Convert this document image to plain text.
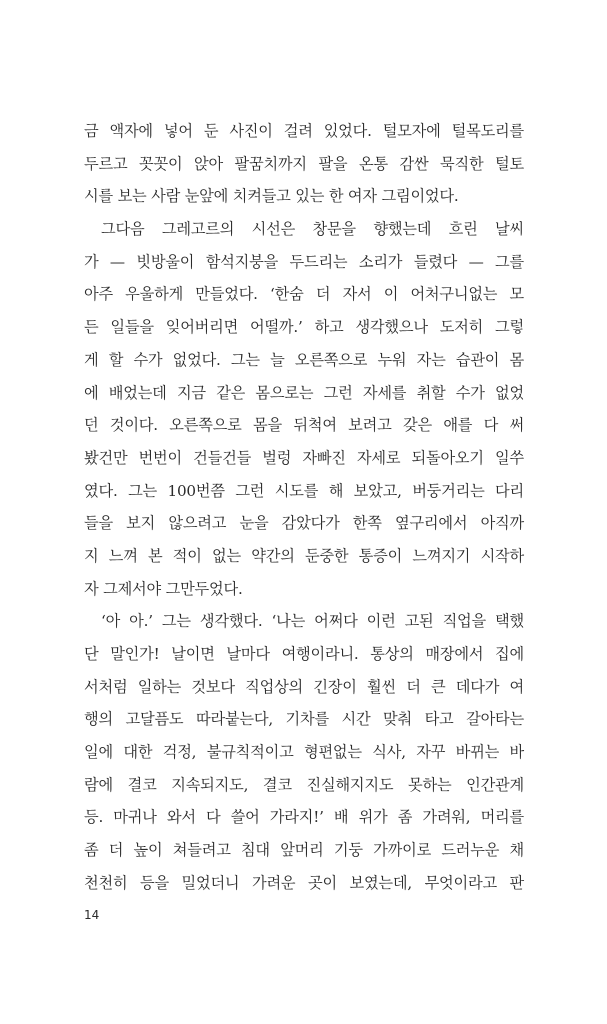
금 액자에 넣어 둔 사진이 걸려 있었다. 털모자에 털목도리를
두르고 꼿꼿이 앉아 팔꿈치까지 팔을 온통 감싼 묵직한 털토
시를 보는 사람 눈앞에 치켜들고 있는 한 여자 그림이었다.
그다음 그레고르의 시선은 창문을 향했는데 흐린 날씨
가 — 빗방울이 함석지붕을 두드리는 소리가 들렸다 — 그를
아주 우울하게 만들었다. ‘한숨 더 자서 이 어처구니없는 모
든 일들을 잊어버리면 어떨까.’ 하고 생각했으나 도저히 그렇
게 할 수가 없었다. 그는 늘 오른쪽으로 누워 자는 습관이 몸
에 배었는데 지금 같은 몸으로는 그런 자세를 취할 수가 없었
던 것이다. 오른쪽으로 몸을 뒤척여 보려고 갖은 애를 다 써
봤건만 번번이 건들건들 벌렁 자빠진 자세로 되돌아오기 일쑤
였다. 그는 100번쯤 그런 시도를 해 보았고, 버둥거리는 다리
들을 보지 않으려고 눈을 감았다가 한쪽 옆구리에서 아직까
지 느껴 본 적이 없는 약간의 둔중한 통증이 느껴지기 시작하
자 그제서야 그만두었다.
‘아 아.’ 그는 생각했다. ‘나는 어쩌다 이런 고된 직업을 택했
단 말인가! 날이면 날마다 여행이라니. 통상의 매장에서 집에
서처럼 일하는 것보다 직업상의 긴장이 훨씬 더 큰 데다가 여
행의 고달픔도 따라붙는다, 기차를 시간 맞춰 타고 갈아타는
일에 대한 걱정, 불규칙적이고 형편없는 식사, 자꾸 바뀌는 바
람에 결코 지속되지도, 결코 진실해지지도 못하는 인간관계
등. 마귀나 와서 다 쓸어 가라지!’ 배 위가 좀 가려워, 머리를
좀 더 높이 쳐들려고 침대 앞머리 기둥 가까이로 드러누운 채
천천히 등을 밀었더니 가려운 곳이 보였는데, 무엇이라고 판
14
